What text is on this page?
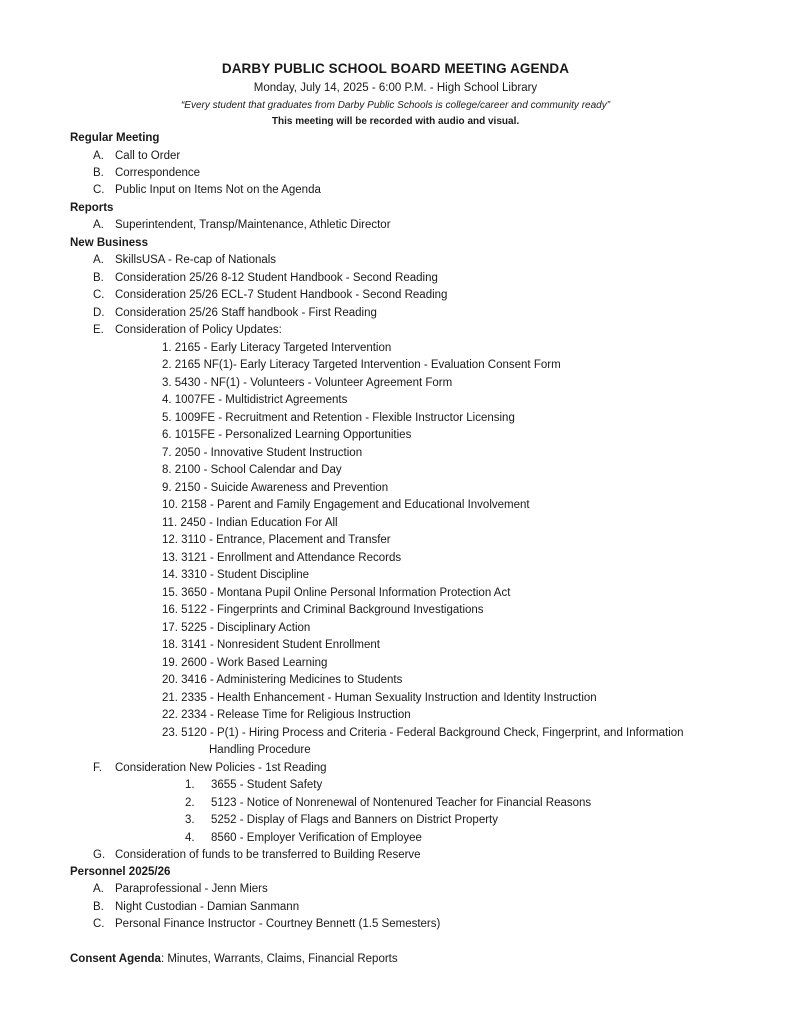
DARBY PUBLIC SCHOOL BOARD MEETING AGENDA
Monday, July 14, 2025 - 6:00 P.M. - High School Library
“Every student that graduates from Darby Public Schools is college/career and community ready”
This meeting will be recorded with audio and visual.
Regular Meeting
A. Call to Order
B. Correspondence
C. Public Input on Items Not on the Agenda
Reports
A. Superintendent, Transp/Maintenance, Athletic Director
New Business
A. SkillsUSA - Re-cap of Nationals
B. Consideration 25/26 8-12 Student Handbook - Second Reading
C. Consideration 25/26 ECL-7 Student Handbook - Second Reading
D. Consideration 25/26 Staff handbook - First Reading
E. Consideration of Policy Updates:
1. 2165 - Early Literacy Targeted Intervention
2. 2165 NF(1)- Early Literacy Targeted Intervention - Evaluation Consent Form
3. 5430 - NF(1) - Volunteers - Volunteer Agreement Form
4. 1007FE - Multidistrict Agreements
5. 1009FE - Recruitment and Retention - Flexible Instructor Licensing
6. 1015FE - Personalized Learning Opportunities
7. 2050 - Innovative Student Instruction
8. 2100 - School Calendar and Day
9. 2150 - Suicide Awareness and Prevention
10. 2158 - Parent and Family Engagement and Educational Involvement
11. 2450 - Indian Education For All
12. 3110 - Entrance, Placement and Transfer
13. 3121 - Enrollment and Attendance Records
14. 3310 - Student Discipline
15. 3650 - Montana Pupil Online Personal Information Protection Act
16. 5122 - Fingerprints and Criminal Background Investigations
17. 5225 - Disciplinary Action
18. 3141 - Nonresident Student Enrollment
19. 2600 - Work Based Learning
20. 3416 - Administering Medicines to Students
21. 2335 - Health Enhancement - Human Sexuality Instruction and Identity Instruction
22. 2334 - Release Time for Religious Instruction
23. 5120 - P(1) - Hiring Process and Criteria - Federal Background Check, Fingerprint, and Information
Handling Procedure
F. Consideration New Policies - 1st Reading
1. 3655 - Student Safety
2. 5123 - Notice of Nonrenewal of Nontenured Teacher for Financial Reasons
3. 5252 - Display of Flags and Banners on District Property
4. 8560 - Employer Verification of Employee
G. Consideration of funds to be transferred to Building Reserve
Personnel 2025/26
A. Paraprofessional - Jenn Miers
B. Night Custodian - Damian Sanmann
C. Personal Finance Instructor - Courtney Bennett (1.5 Semesters)
Consent Agenda: Minutes, Warrants, Claims, Financial Reports
